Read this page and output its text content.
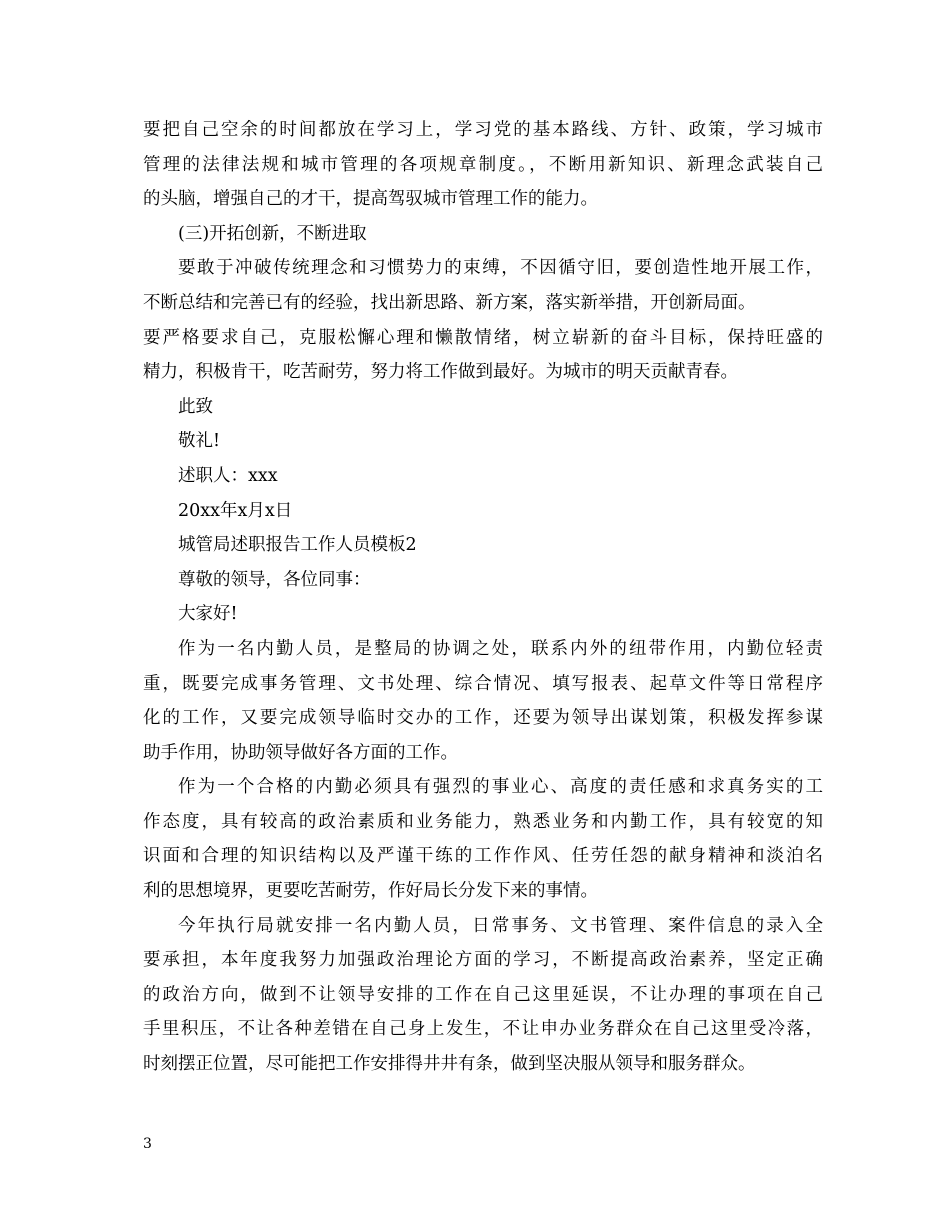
要把自己空余的时间都放在学习上，学习党的基本路线、方针、政策，学习城市
管理的法律法规和城市管理的各项规章制度。，不断用新知识、新理念武装自己
的头脑，增强自己的才干，提高驾驭城市管理工作的能力。
(三)开拓创新，不断进取
要敢于冲破传统理念和习惯势力的束缚，不因循守旧，要创造性地开展工作，
不断总结和完善已有的经验，找出新思路、新方案，落实新举措，开创新局面。
要严格要求自己，克服松懈心理和懒散情绪，树立崭新的奋斗目标，保持旺盛的
精力，积极肯干，吃苦耐劳，努力将工作做到最好。为城市的明天贡献青春。
此致
敬礼!
述职人：xxx
20xx年x月x日
城管局述职报告工作人员模板2
尊敬的领导，各位同事：
大家好!
作为一名内勤人员，是整局的协调之处，联系内外的纽带作用，内勤位轻责
重，既要完成事务管理、文书处理、综合情况、填写报表、起草文件等日常程序
化的工作，又要完成领导临时交办的工作，还要为领导出谋划策，积极发挥参谋
助手作用，协助领导做好各方面的工作。
作为一个合格的内勤必须具有强烈的事业心、高度的责任感和求真务实的工
作态度，具有较高的政治素质和业务能力，熟悉业务和内勤工作，具有较宽的知
识面和合理的知识结构以及严谨干练的工作作风、任劳任怨的献身精神和淡泊名
利的思想境界，更要吃苦耐劳，作好局长分发下来的事情。
今年执行局就安排一名内勤人员，日常事务、文书管理、案件信息的录入全
要承担，本年度我努力加强政治理论方面的学习，不断提高政治素养，坚定正确
的政治方向，做到不让领导安排的工作在自己这里延误，不让办理的事项在自己
手里积压，不让各种差错在自己身上发生，不让申办业务群众在自己这里受冷落，
时刻摆正位置，尽可能把工作安排得井井有条，做到坚决服从领导和服务群众。
3
